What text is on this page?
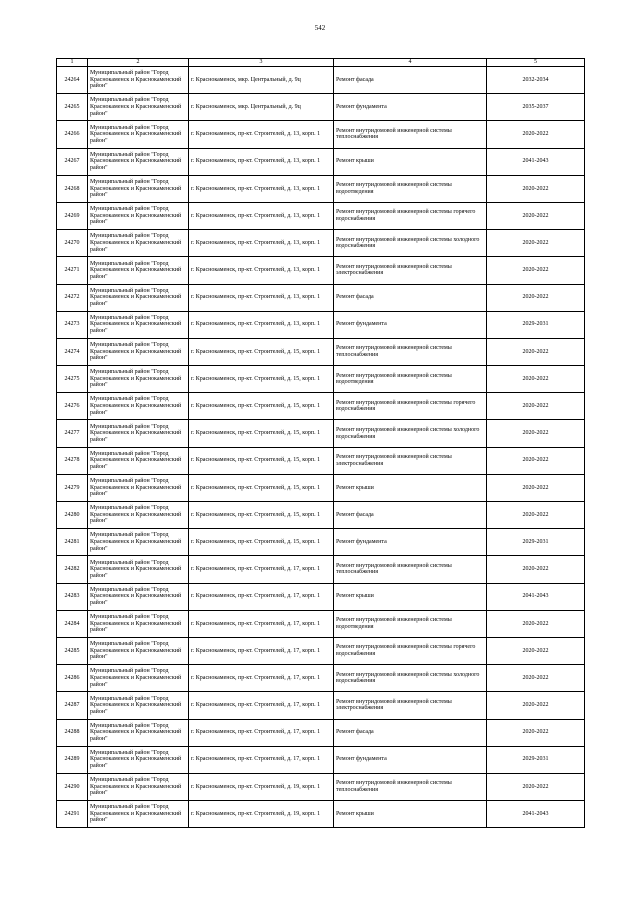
542
1	2	3	4	5
24264	Муниципальный район "Город Краснокаменск и Краснокаменский район"	г. Краснокаменск, мкр. Центральный, д. 9ц	Ремонт фасада	2032-2034
24265	Муниципальный район "Город Краснокаменск и Краснокаменский район"	г. Краснокаменск, мкр. Центральный, д. 9ц	Ремонт фундамента	2035-2037
24266	Муниципальный район "Город Краснокаменск и Краснокаменский район"	г. Краснокаменск, пр-кт. Строителей, д. 13, корп. 1	Ремонт внутридомовой инженерной системы теплоснабжения	2020-2022
24267	Муниципальный район "Город Краснокаменск и Краснокаменский район"	г. Краснокаменск, пр-кт. Строителей, д. 13, корп. 1	Ремонт крыши	2041-2043
24268	Муниципальный район "Город Краснокаменск и Краснокаменский район"	г. Краснокаменск, пр-кт. Строителей, д. 13, корп. 1	Ремонт внутридомовой инженерной системы водоотведения	2020-2022
24269	Муниципальный район "Город Краснокаменск и Краснокаменский район"	г. Краснокаменск, пр-кт. Строителей, д. 13, корп. 1	Ремонт внутридомовой инженерной системы горячего водоснабжения	2020-2022
24270	Муниципальный район "Город Краснокаменск и Краснокаменский район"	г. Краснокаменск, пр-кт. Строителей, д. 13, корп. 1	Ремонт внутридомовой инженерной системы холодного водоснабжения	2020-2022
24271	Муниципальный район "Город Краснокаменск и Краснокаменский район"	г. Краснокаменск, пр-кт. Строителей, д. 13, корп. 1	Ремонт внутридомовой инженерной системы электроснабжения	2020-2022
24272	Муниципальный район "Город Краснокаменск и Краснокаменский район"	г. Краснокаменск, пр-кт. Строителей, д. 13, корп. 1	Ремонт фасада	2020-2022
24273	Муниципальный район "Город Краснокаменск и Краснокаменский район"	г. Краснокаменск, пр-кт. Строителей, д. 13, корп. 1	Ремонт фундамента	2029-2031
24274	Муниципальный район "Город Краснокаменск и Краснокаменский район"	г. Краснокаменск, пр-кт. Строителей, д. 15, корп. 1	Ремонт внутридомовой инженерной системы теплоснабжения	2020-2022
24275	Муниципальный район "Город Краснокаменск и Краснокаменский район"	г. Краснокаменск, пр-кт. Строителей, д. 15, корп. 1	Ремонт внутридомовой инженерной системы водоотведения	2020-2022
24276	Муниципальный район "Город Краснокаменск и Краснокаменский район"	г. Краснокаменск, пр-кт. Строителей, д. 15, корп. 1	Ремонт внутридомовой инженерной системы горячего водоснабжения	2020-2022
24277	Муниципальный район "Город Краснокаменск и Краснокаменский район"	г. Краснокаменск, пр-кт. Строителей, д. 15, корп. 1	Ремонт внутридомовой инженерной системы холодного водоснабжения	2020-2022
24278	Муниципальный район "Город Краснокаменск и Краснокаменский район"	г. Краснокаменск, пр-кт. Строителей, д. 15, корп. 1	Ремонт внутридомовой инженерной системы электроснабжения	2020-2022
24279	Муниципальный район "Город Краснокаменск и Краснокаменский район"	г. Краснокаменск, пр-кт. Строителей, д. 15, корп. 1	Ремонт крыши	2020-2022
24280	Муниципальный район "Город Краснокаменск и Краснокаменский район"	г. Краснокаменск, пр-кт. Строителей, д. 15, корп. 1	Ремонт фасада	2020-2022
24281	Муниципальный район "Город Краснокаменск и Краснокаменский район"	г. Краснокаменск, пр-кт. Строителей, д. 15, корп. 1	Ремонт фундамента	2029-2031
24282	Муниципальный район "Город Краснокаменск и Краснокаменский район"	г. Краснокаменск, пр-кт. Строителей, д. 17, корп. 1	Ремонт внутридомовой инженерной системы теплоснабжения	2020-2022
24283	Муниципальный район "Город Краснокаменск и Краснокаменский район"	г. Краснокаменск, пр-кт. Строителей, д. 17, корп. 1	Ремонт крыши	2041-2043
24284	Муниципальный район "Город Краснокаменск и Краснокаменский район"	г. Краснокаменск, пр-кт. Строителей, д. 17, корп. 1	Ремонт внутридомовой инженерной системы водоотведения	2020-2022
24285	Муниципальный район "Город Краснокаменск и Краснокаменский район"	г. Краснокаменск, пр-кт. Строителей, д. 17, корп. 1	Ремонт внутридомовой инженерной системы горячего водоснабжения	2020-2022
24286	Муниципальный район "Город Краснокаменск и Краснокаменский район"	г. Краснокаменск, пр-кт. Строителей, д. 17, корп. 1	Ремонт внутридомовой инженерной системы холодного водоснабжения	2020-2022
24287	Муниципальный район "Город Краснокаменск и Краснокаменский район"	г. Краснокаменск, пр-кт. Строителей, д. 17, корп. 1	Ремонт внутридомовой инженерной системы электроснабжения	2020-2022
24288	Муниципальный район "Город Краснокаменск и Краснокаменский район"	г. Краснокаменск, пр-кт. Строителей, д. 17, корп. 1	Ремонт фасада	2020-2022
24289	Муниципальный район "Город Краснокаменск и Краснокаменский район"	г. Краснокаменск, пр-кт. Строителей, д. 17, корп. 1	Ремонт фундамента	2029-2031
24290	Муниципальный район "Город Краснокаменск и Краснокаменский район"	г. Краснокаменск, пр-кт. Строителей, д. 19, корп. 1	Ремонт внутридомовой инженерной системы теплоснабжения	2020-2022
24291	Муниципальный район "Город Краснокаменск и Краснокаменский район"	г. Краснокаменск, пр-кт. Строителей, д. 19, корп. 1	Ремонт крыши	2041-2043
